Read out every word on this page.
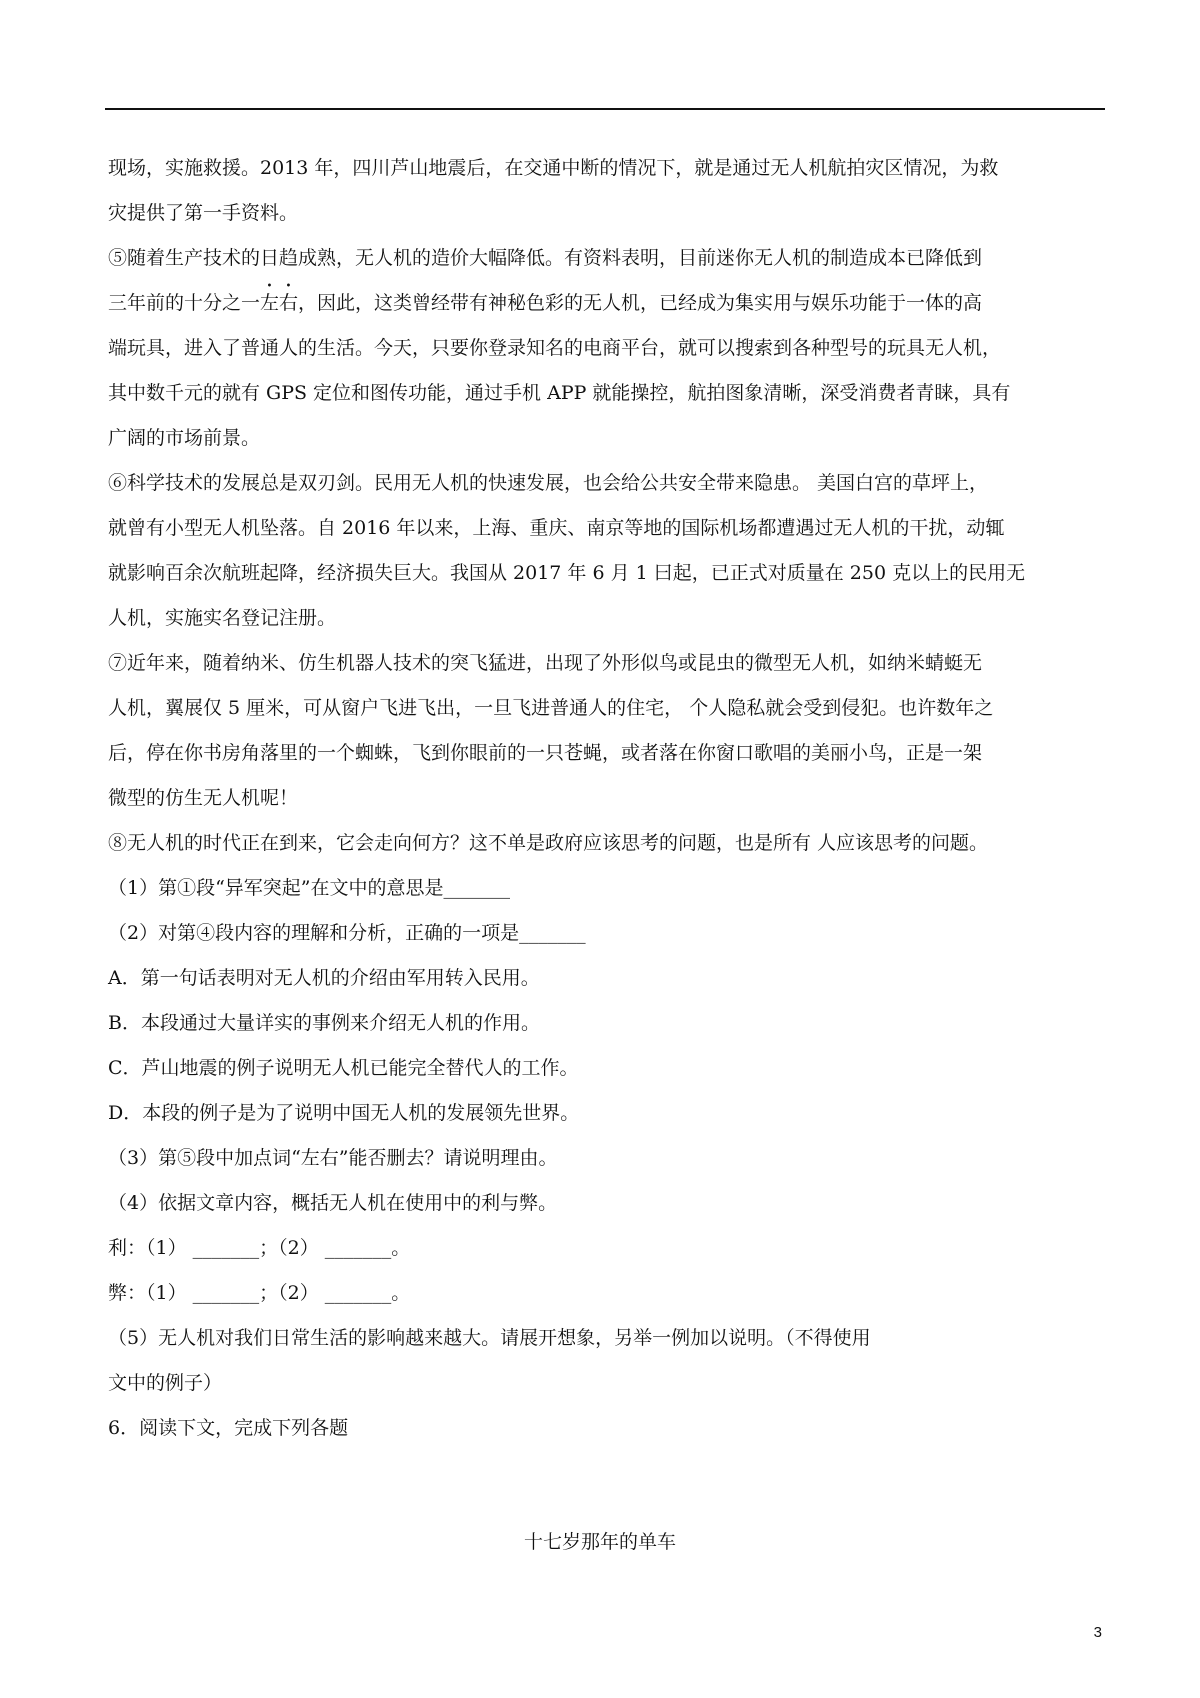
现场，实施救援。2013 年，四川芦山地震后，在交通中断的情况下，就是通过无人机航拍灾区情况，为救
灾提供了第一手资料。
⑤随着生产技术的日趋成熟，无人机的造价大幅降低。有资料表明，目前迷你无人机的制造成本已降低到
三年前的十分之一左右，因此，这类曾经带有神秘色彩的无人机，已经成为集实用与娱乐功能于一体的高
端玩具，进入了普通人的生活。今天，只要你登录知名的电商平台，就可以搜索到各种型号的玩具无人机，
其中数千元的就有 GPS 定位和图传功能，通过手机 APP 就能操控，航拍图象清晰，深受消费者青睐，具有
广阔的市场前景。
⑥科学技术的发展总是双刃剑。民用无人机的快速发展，也会给公共安全带来隐患。 美国白宫的草坪上，
就曾有小型无人机坠落。自 2016 年以来，上海、重庆、南京等地的国际机场都遭遇过无人机的干扰，动辄
就影响百余次航班起降，经济损失巨大。我国从 2017 年 6 月 1 曰起，已正式对质量在 250 克以上的民用无
人机，实施实名登记注册。
⑦近年来，随着纳米、仿生机器人技术的突飞猛进，出现了外形似鸟或昆虫的微型无人机，如纳米蜻蜓无
人机，翼展仅 5 厘米，可从窗户飞进飞出，一旦飞进普通人的住宅， 个人隐私就会受到侵犯。也许数年之
后，停在你书房角落里的一个蜘蛛，飞到你眼前的一只苍蝇，或者落在你窗口歌唱的美丽小鸟，正是一架
微型的仿生无人机呢！
⑧无人机的时代正在到来，它会走向何方？这不单是政府应该思考的问题，也是所有 人应该思考的问题。
（1）第①段“异军突起”在文中的意思是_______
（2）对第④段内容的理解和分析，正确的一项是_______
A．第一句话表明对无人机的介绍由军用转入民用。
B．本段通过大量详实的事例来介绍无人机的作用。
C．芦山地震的例子说明无人机已能完全替代人的工作。
D．本段的例子是为了说明中国无人机的发展领先世界。
（3）第⑤段中加点词“左右”能否删去？请说明理由。
（4）依据文章内容，概括无人机在使用中的利与弊。
利：（1） _______；（2） _______。
弊：（1） _______；（2） _______。
（5）无人机对我们日常生活的影响越来越大。请展开想象，另举一例加以说明。（不得使用
文中的例子）
6．阅读下文，完成下列各题
十七岁那年的单车
3
